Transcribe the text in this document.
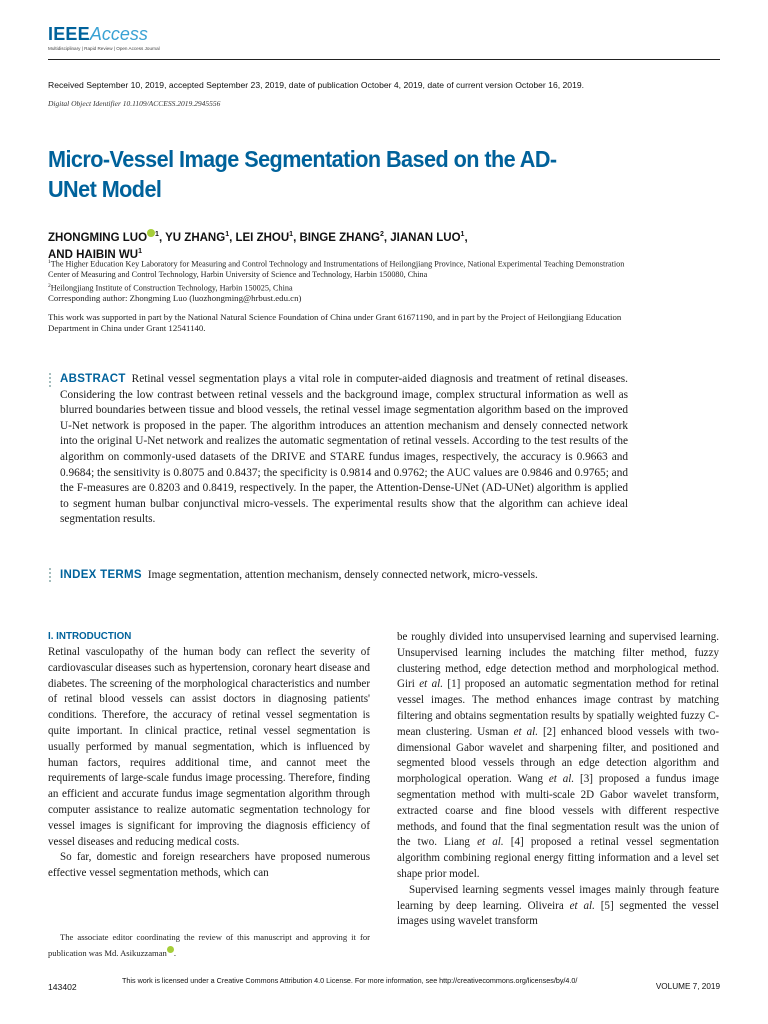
IEEEAccess
Multidisciplinary | Rapid Review | Open Access Journal
Received September 10, 2019, accepted September 23, 2019, date of publication October 4, 2019, date of current version October 16, 2019.
Digital Object Identifier 10.1109/ACCESS.2019.2945556
Micro-Vessel Image Segmentation Based on the AD-UNet Model
ZHONGMING LUO $^1$, YU ZHANG$^1$, LEI ZHOU$^1$, BINGE ZHANG$^2$, JIANAN LUO$^1$,
AND HAIBIN $WU^1$
$^1$The Higher Education Key Laboratory for Measuring and Control Technology and Instrumentations of Heilongjiang Province, National Experimental Teaching Demonstration Center of Measuring and Control Technology, Harbin University of Science and Technology, Harbin 150080, China
$^2$Heilongjiang Institute of Construction Technology, Harbin 150025, China
Corresponding author: Zhongming Luo (luozhongming@hrbust.edu.cn)
This work was supported in part by the National Natural Science Foundation of China under Grant 61671190, and in part by the Project of Heilongjiang Education Department in China under Grant 12541140.
ABSTRACT Retinal vessel segmentation plays a vital role in computer-aided diagnosis and treatment of retinal diseases. Considering the low contrast between retinal vessels and the background image, complex structural information as well as blurred boundaries between tissue and blood vessels, the retinal vessel image segmentation algorithm based on the improved U-Net network is proposed in the paper. The algorithm introduces an attention mechanism and densely connected network into the original U-Net network and realizes the automatic segmentation of retinal vessels. According to the test results of the algorithm on commonly-used datasets of the DRIVE and STARE fundus images, respectively, the accuracy is 0.9663 and 0.9684; the sensitivity is 0.8075 and 0.8437; the specificity is 0.9814 and 0.9762; the AUC values are 0.9846 and 0.9765; and the F-measures are 0.8203 and 0.8419, respectively. In the paper, the Attention-Dense-UNet (AD-UNet) algorithm is applied to segment human bulbar conjunctival micro-vessels. The experimental results show that the algorithm can achieve ideal segmentation results.
INDEX TERMS Image segmentation, attention mechanism, densely connected network, micro-vessels.
I. INTRODUCTION

Retinal vasculopathy of the human body can reflect the severity of cardiovascular diseases such as hypertension, coronary heart disease and diabetes. The screening of the morphological characteristics and number of retinal blood vessels can assist doctors in diagnosing patients' conditions. Therefore, the accuracy of retinal vessel segmentation is quite important. In clinical practice, retinal vessel segmentation is usually performed by manual segmentation, which is influenced by human factors, requires additional time, and cannot meet the requirements of large-scale fundus image processing. Therefore, finding an efficient and accurate fundus image segmentation algorithm through computer assistance to realize automatic segmentation technology for vessel images is significant for improving the diagnosis efficiency of vessel diseases and reducing medical costs.

So far, domestic and foreign researchers have proposed numerous effective vessel segmentation methods, which can

be roughly divided into unsupervised learning and supervised learning. Unsupervised learning includes the matching filter method, fuzzy clustering method, edge detection method and morphological method. Giri et al. [1] proposed an automatic segmentation method for retinal vessel images. The method enhances image contrast by matching filtering and obtains segmentation results by spatially weighted fuzzy C-mean clustering. Usman et al. [2] enhanced blood vessels with two-dimensional Gabor wavelet and sharpening filter, and positioned and segmented blood vessels through an edge detection algorithm and morphological operation. Wang et al. [3] proposed a fundus image segmentation method with multi-scale 2D Gabor wavelet transform, extracted coarse and fine blood vessels with different respective methods, and found that the final segmentation result was the union of the two. Liang et al. [4] proposed a retinal vessel segmentation algorithm combining regional energy fitting information and a level set shape prior model.

Supervised learning segments vessel images mainly through feature learning by deep learning. Oliveira et al. [5] segmented the vessel images using wavelet transform

The associate editor coordinating the review of this manuscript and approving it for publication was Md. Asikuzzaman .
143402
This work is licensed under a Creative Commons Attribution 4.0 License. For more information, see http://creativecommons.org/licenses/by/4.0/
VOLUME 7, 2019
